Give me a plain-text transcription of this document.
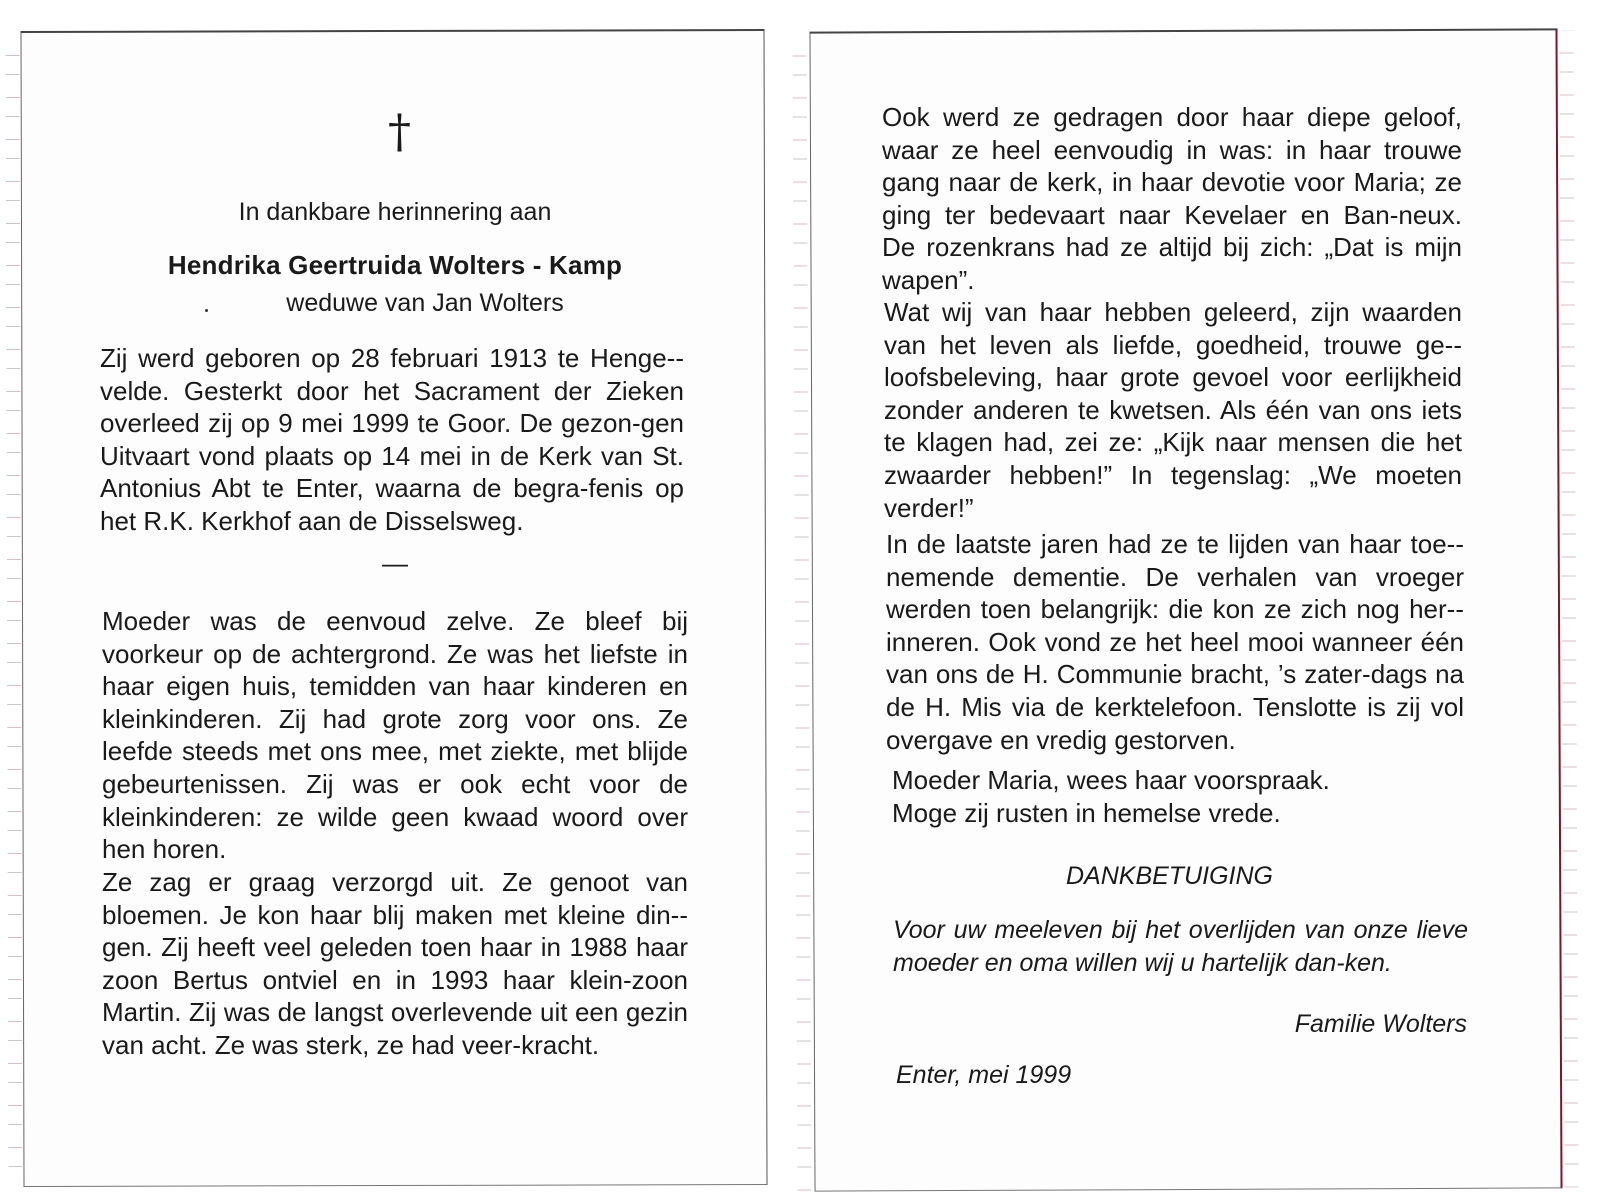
†
In dankbare herinnering aan
Hendrika Geertruida Wolters - Kamp
weduwe van Jan Wolters
Zij werd geboren op 28 februari 1913 te Henge-velde. Gesterkt door het Sacrament der Zieken overleed zij op 9 mei 1999 te Goor. De gezon-gen Uitvaart vond plaats op 14 mei in de Kerk van St. Antonius Abt te Enter, waarna de begra-fenis op het R.K. Kerkhof aan de Disselsweg.
—
Moeder was de eenvoud zelve. Ze bleef bij voorkeur op de achtergrond. Ze was het liefste in haar eigen huis, temidden van haar kinderen en kleinkinderen. Zij had grote zorg voor ons. Ze leefde steeds met ons mee, met ziekte, met blijde gebeurtenissen. Zij was er ook echt voor de kleinkinderen: ze wilde geen kwaad woord over hen horen.
Ze zag er graag verzorgd uit. Ze genoot van bloemen. Je kon haar blij maken met kleine din-gen. Zij heeft veel geleden toen haar in 1988 haar zoon Bertus ontviel en in 1993 haar klein-zoon Martin. Zij was de langst overlevende uit een gezin van acht. Ze was sterk, ze had veer-kracht.
Ook werd ze gedragen door haar diepe geloof, waar ze heel eenvoudig in was: in haar trouwe gang naar de kerk, in haar devotie voor Maria; ze ging ter bedevaart naar Kevelaer en Ban-neux. De rozenkrans had ze altijd bij zich: „Dat is mijn wapen”.
Wat wij van haar hebben geleerd, zijn waarden van het leven als liefde, goedheid, trouwe ge-loofsbeleving, haar grote gevoel voor eerlijkheid zonder anderen te kwetsen. Als één van ons iets te klagen had, zei ze: „Kijk naar mensen die het zwaarder hebben!” In tegenslag: „We moeten verder!”
In de laatste jaren had ze te lijden van haar toe-nemende dementie. De verhalen van vroeger werden toen belangrijk: die kon ze zich nog her-inneren. Ook vond ze het heel mooi wanneer één van ons de H. Communie bracht, ’s zater-dags na de H. Mis via de kerktelefoon. Tenslotte is zij vol overgave en vredig gestorven.
Moeder Maria, wees haar voorspraak.
Moge zij rusten in hemelse vrede.
DANKBETUIGING
Voor uw meeleven bij het overlijden van onze lieve moeder en oma willen wij u hartelijk dan-ken.
Familie Wolters
Enter, mei 1999
